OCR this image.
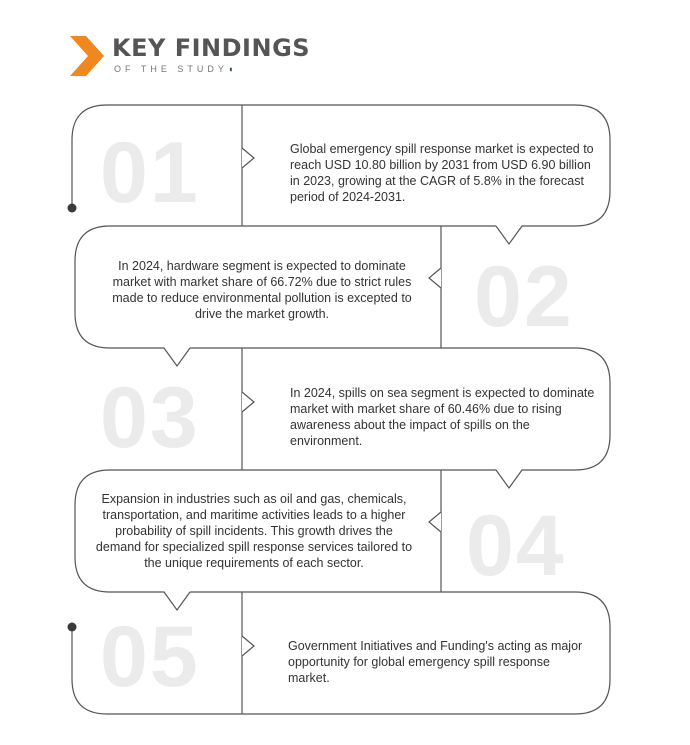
KEY FINDINGS
OF THE STUDY◖
01	Global emergency spill response market is expected to reach USD 10.80 billion by 2031 from USD 6.90 billion in 2023, growing at the CAGR of 5.8% in the forecast period of 2024-2031.
02
In 2024, hardware segment is expected to dominate market with market share of 66.72% due to strict rules made to reduce environmental pollution is excepted to drive the market growth.
03	In 2024, spills on sea segment is expected to dominate market with market share of 60.46% due to rising awareness about the impact of spills on the environment.
04
Expansion in industries such as oil and gas, chemicals, transportation, and maritime activities leads to a higher probability of spill incidents. This growth drives the demand for specialized spill response services tailored to the unique requirements of each sector.
05	Government Initiatives and Funding's acting as major opportunity for global emergency spill response market.
